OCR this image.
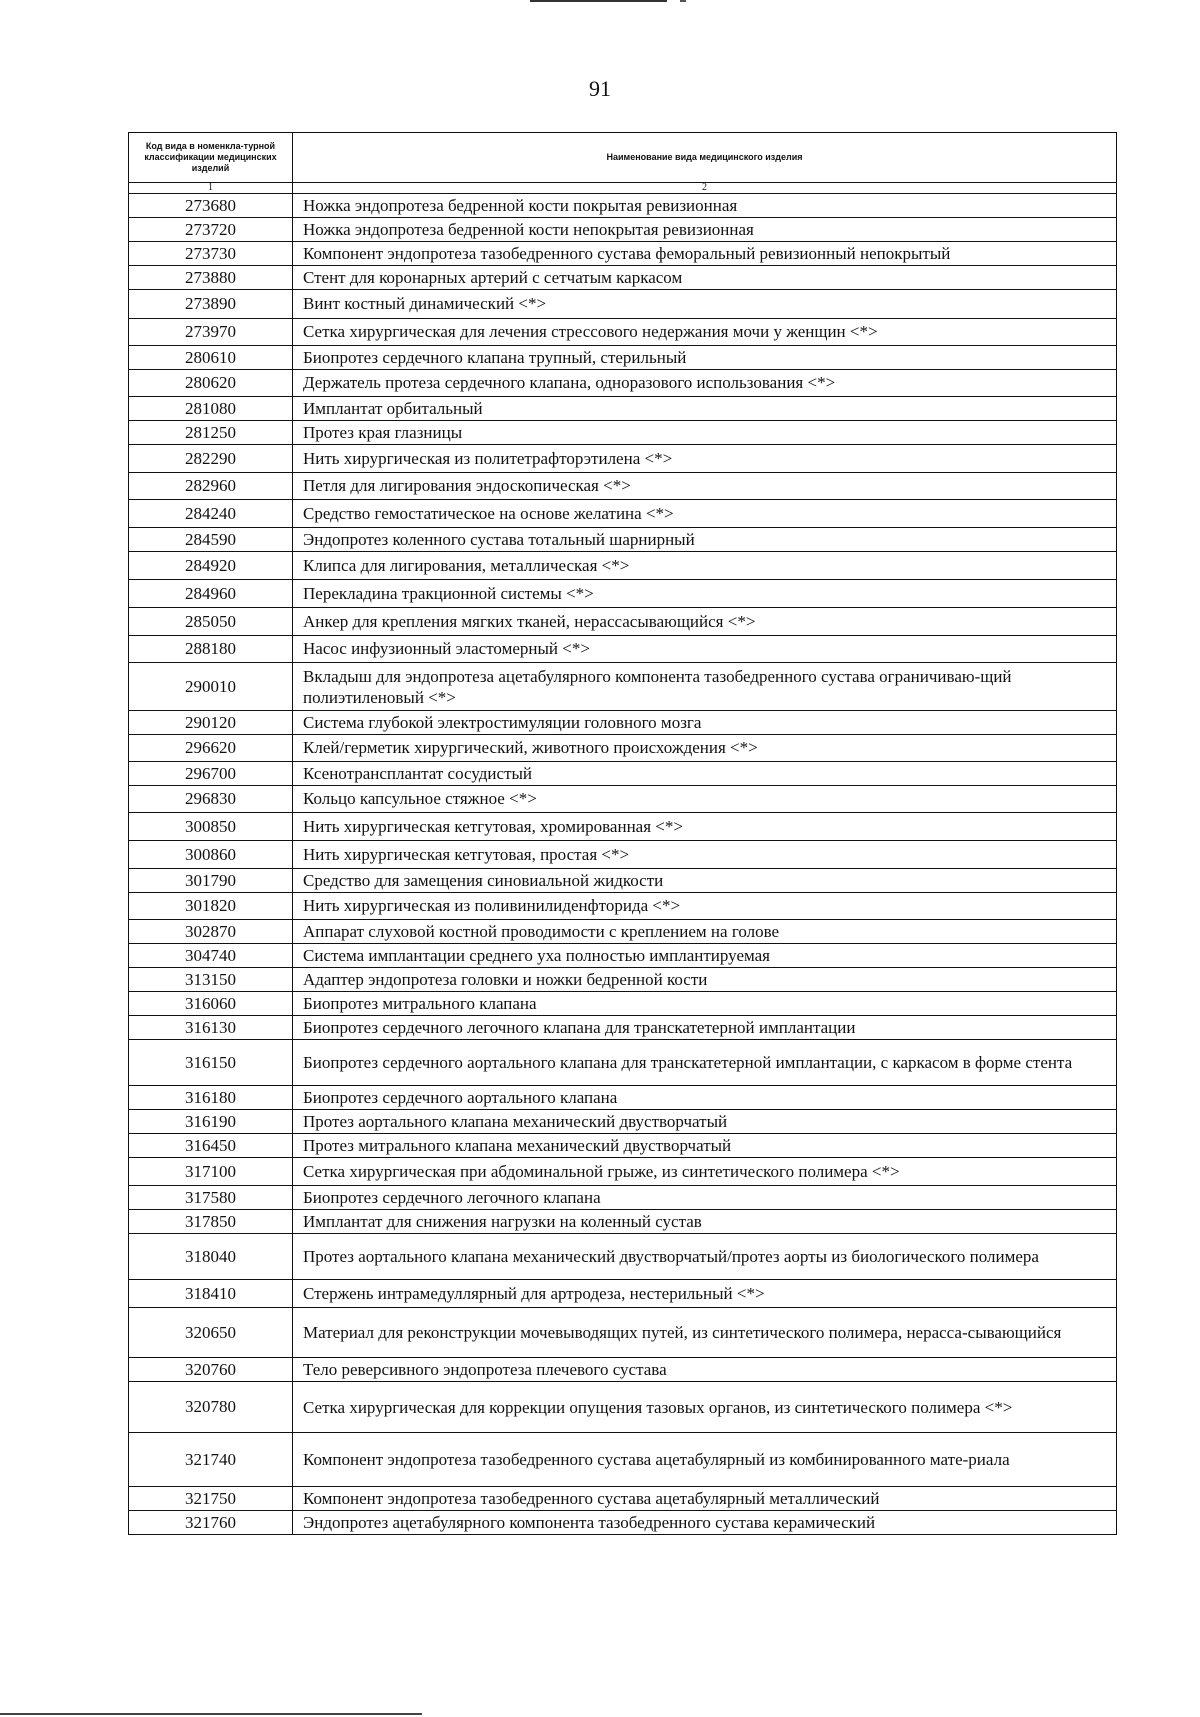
91
Код вида в номенкла-турной классификации медицинских изделий	Наименование вида медицинского изделия
1	2
273680	Ножка эндопротеза бедренной кости покрытая ревизионная
273720	Ножка эндопротеза бедренной кости непокрытая ревизионная
273730	Компонент эндопротеза тазобедренного сустава феморальный ревизионный непокрытый
273880	Стент для коронарных артерий с сетчатым каркасом
273890	Винт костный динамический <*>
273970	Сетка хирургическая для лечения стрессового недержания мочи у женщин <*>
280610	Биопротез сердечного клапана трупный, стерильный
280620	Держатель протеза сердечного клапана, одноразового использования <*>
281080	Имплантат орбитальный
281250	Протез края глазницы
282290	Нить хирургическая из политетрафторэтилена <*>
282960	Петля для лигирования эндоскопическая <*>
284240	Средство гемостатическое на основе желатина <*>
284590	Эндопротез коленного сустава тотальный шарнирный
284920	Клипса для лигирования, металлическая <*>
284960	Перекладина тракционной системы <*>
285050	Анкер для крепления мягких тканей, нерассасывающийся <*>
288180	Насос инфузионный эластомерный <*>
290010	Вкладыш для эндопротеза ацетабулярного компонента тазобедренного сустава ограничиваю-щий полиэтиленовый <*>
290120	Система глубокой электростимуляции головного мозга
296620	Клей/герметик хирургический, животного происхождения <*>
296700	Ксенотрансплантат сосудистый
296830	Кольцо капсульное стяжное <*>
300850	Нить хирургическая кетгутовая, хромированная <*>
300860	Нить хирургическая кетгутовая, простая <*>
301790	Средство для замещения синовиальной жидкости
301820	Нить хирургическая из поливинилиденфторида <*>
302870	Аппарат слуховой костной проводимости с креплением на голове
304740	Система имплантации среднего уха полностью имплантируемая
313150	Адаптер эндопротеза головки и ножки бедренной кости
316060	Биопротез митрального клапана
316130	Биопротез сердечного легочного клапана для транскатетерной имплантации
316150	Биопротез сердечного аортального клапана для транскатетерной имплантации, с каркасом в форме стента
316180	Биопротез сердечного аортального клапана
316190	Протез аортального клапана механический двустворчатый
316450	Протез митрального клапана механический двустворчатый
317100	Сетка хирургическая при абдоминальной грыже, из синтетического полимера <*>
317580	Биопротез сердечного легочного клапана
317850	Имплантат для снижения нагрузки на коленный сустав
318040	Протез аортального клапана механический двустворчатый/протез аорты из биологического полимера
318410	Стержень интрамедуллярный для артродеза, нестерильный <*>
320650	Материал для реконструкции мочевыводящих путей, из синтетического полимера, нерасса-сывающийся
320760	Тело реверсивного эндопротеза плечевого сустава
320780	Сетка хирургическая для коррекции опущения тазовых органов, из синтетического полимера <*>
321740	Компонент эндопротеза тазобедренного сустава ацетабулярный из комбинированного мате-риала
321750	Компонент эндопротеза тазобедренного сустава ацетабулярный металлический
321760	Эндопротез ацетабулярного компонента тазобедренного сустава керамический
